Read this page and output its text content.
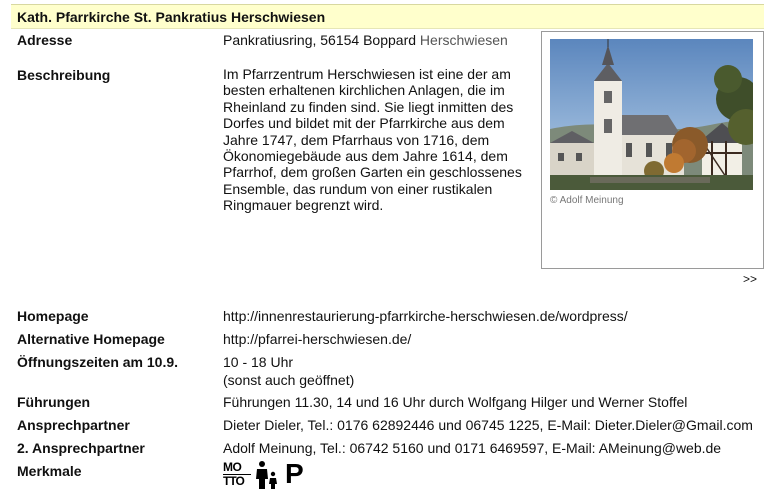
Kath. Pfarrkirche St. Pankratius Herschwiesen
Adresse	Pankratiusring, 56154 Boppard Herschwiesen
Beschreibung	Im Pfarrzentrum Herschwiesen ist eine der am
besten erhaltenen kirchlichen Anlagen, die im
Rheinland zu finden sind. Sie liegt inmitten des
Dorfes und bildet mit der Pfarrkirche aus dem
Jahre 1747, dem Pfarrhaus von 1716, dem
Ökonomiegebäude aus dem Jahre 1614, dem
Pfarrhof, dem großen Garten ein geschlossenes
Ensemble, das rundum von einer rustikalen
Ringmauer begrenzt wird.	© Adolf Meinung
>>
Homepage	http://innenrestaurierung-pfarrkirche-herschwiesen.de/wordpress/
Alternative Homepage	http://pfarrei-herschwiesen.de/
Öffnungszeiten am 10.9.	10 - 18 Uhr
(sonst auch geöffnet)
Führungen	Führungen 11.30, 14 und 16 Uhr durch Wolfgang Hilger und Werner Stoffel
Ansprechpartner	Dieter Dieler, Tel.: 0176 62892446 und 06745 1225, E-Mail: Dieter.Dieler@Gmail.com
2. Ansprechpartner	Adolf Meinung, Tel.: 06742 5160 und 0171 6469597, E-Mail: AMeinung@web.de
Merkmale	MO
TTO P
